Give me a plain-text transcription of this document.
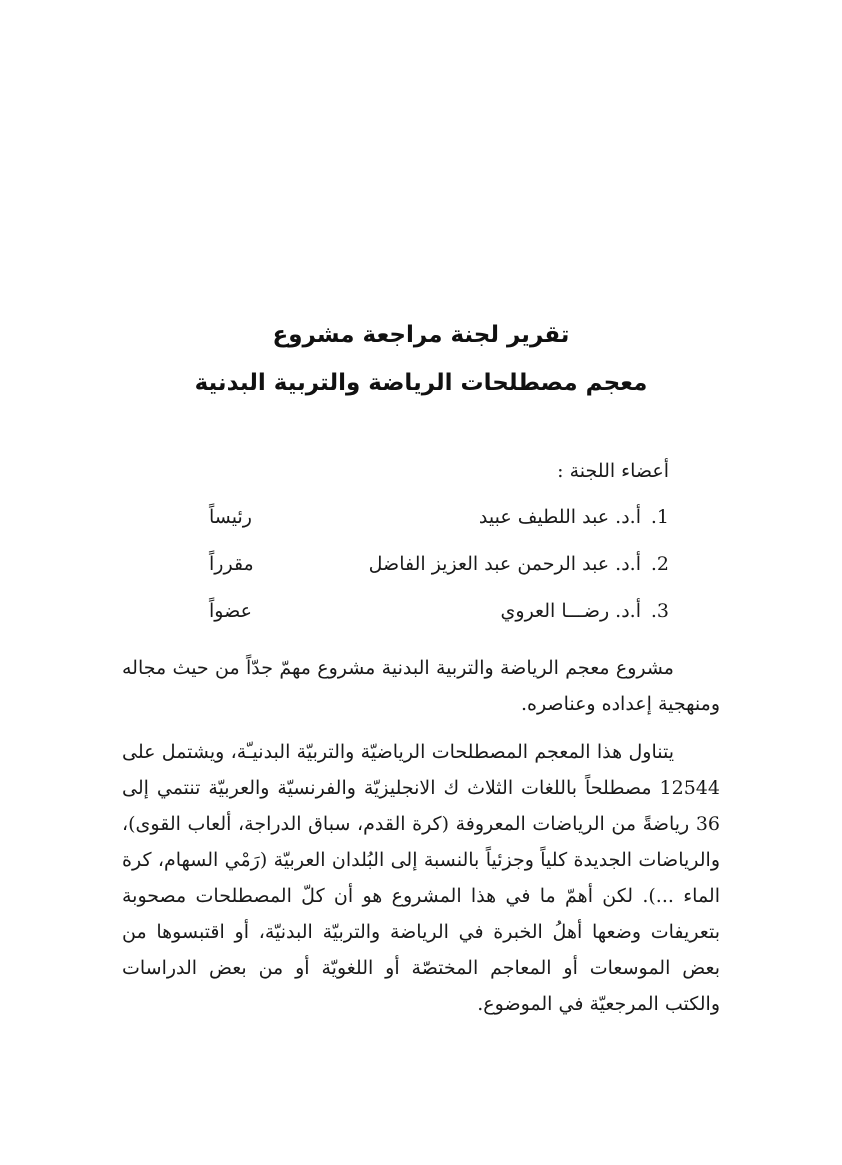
تقرير لجنة مراجعة مشروع
معجم مصطلحات الرياضة والتربية البدنية
أعضاء اللجنة :
1.
أ.د. عبد اللطيف عبيد
رئيساً
2.
أ.د. عبد الرحمن عبد العزيز الفاضل
مقرراً
3.
أ.د. رضـــا العروي
عضواً

مشروع معجم الرياضة والتربية البدنية مشروع مهمّ جدّاً من حيث مجاله ومنهجية إعداده وعناصره.

يتناول هذا المعجم المصطلحات الرياضيّة والتربيّة البدنيـّة، ويشتمل على 12544 مصطلحاً باللغات الثلاث ك الانجليزيّة والفرنسيّة والعربيّة تنتمي إلى 36 رياضةً من الرياضات المعروفة (كرة القدم، سباق الدراجة، ألعاب القوى)، والرياضات الجديدة كلياً وجزئياً بالنسبة إلى البُلدان العربيّة (رَمْي السهام، كرة الماء ...). لكن أهمّ ما في هذا المشروع هو أن كلّ المصطلحات مصحوبة بتعريفات وضعها أهلُ الخبرة في الرياضة والتربيّة البدنيّة، أو اقتبسوها من بعض الموسعات أو المعاجم المختصّة أو اللغويّة أو من بعض الدراسات والكتب المرجعيّة في الموضوع.
